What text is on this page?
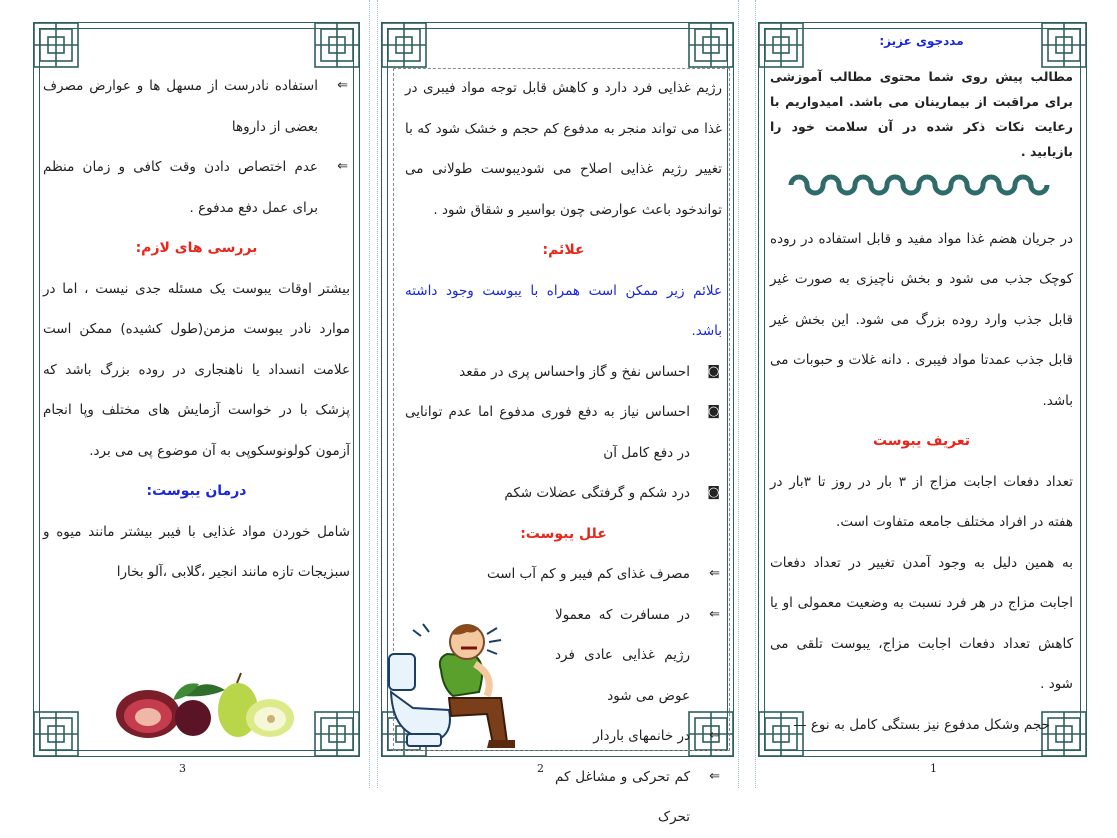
⇐
استفاده نادرست از مسهل ها و عوارض مصرف بعضی از داروها
⇐
عدم اختصاص دادن وقت کافی و زمان منظم برای عمل دفع مدفوع .
بررسی های لازم:
بیشتر اوقات یبوست یک مسئله جدی نیست ، اما در موارد نادر یبوست مزمن(طول کشیده) ممکن است علامت انسداد یا ناهنجاری در روده بزرگ باشد که پزشک با در خواست آزمایش های مختلف وپا انجام آزمون کولونوسکوپی به آن موضوع پی می برد.
درمان یبوست:
شامل خوردن مواد غذایی با فیبر بیشتر مانند میوه و سبزیجات تازه مانند انجیر ،گلابی ،آلو بخارا
3
رژیم غذایی فرد دارد و کاهش قابل توجه مواد فیبری در غذا می تواند منجر به مدفوع کم حجم و خشک شود که با تغییر رژیم غذایی اصلاح می شودیبوست طولانی می تواندخود باعث عوارضی چون بواسیر و شقاق شود .
علائم:
علائم زیر ممکن است همراه با یبوست وجود داشته باشد.
◙
احساس نفخ و گاز واحساس پری در مقعد
◙
احساس نیاز به دفع فوری مدفوع اما عدم توانایی در دفع کامل آن
◙
درد شکم و گرفتگی عضلات شکم
علل یبوست:
⇐
مصرف غذای کم فیبر و کم آب است
⇐
در مسافرت که معمولا رژیم غذایی عادی فرد عوض می شود
⇐
در خانمهای باردار
⇐
کم تحرکی و مشاغل کم تحرک
2
مددجوی عزیز:
مطالب پیش روی شما محتوی مطالب آموزشی برای مراقبت از بیمارینان می باشد. امیدواریم با رعایت نکات ذکر شده در آن سلامت خود را بازیابید .
در جریان هضم غذا مواد مفید و قابل استفاده در روده کوچک جذب می شود و بخش ناچیزی به صورت غیر قابل جذب وارد روده بزرگ می شود. این بخش غیر قابل جذب عمدتا مواد فیبری . دانه غلات و حبوبات می باشد.
تعریف یبوست
تعداد دفعات اجابت مزاج از ۳ بار در روز تا ۳بار در هفته در افراد مختلف جامعه متفاوت است.
به همین دلیل به وجود آمدن تغییر در تعداد دفعات اجابت مزاج در هر فرد نسبت به وضعیت معمولی او یا کاهش تعداد دفعات اجابت مزاج، یبوست تلقی می شود .
حجم وشکل مدفوع نیز بستگی کامل به نوع —
1
